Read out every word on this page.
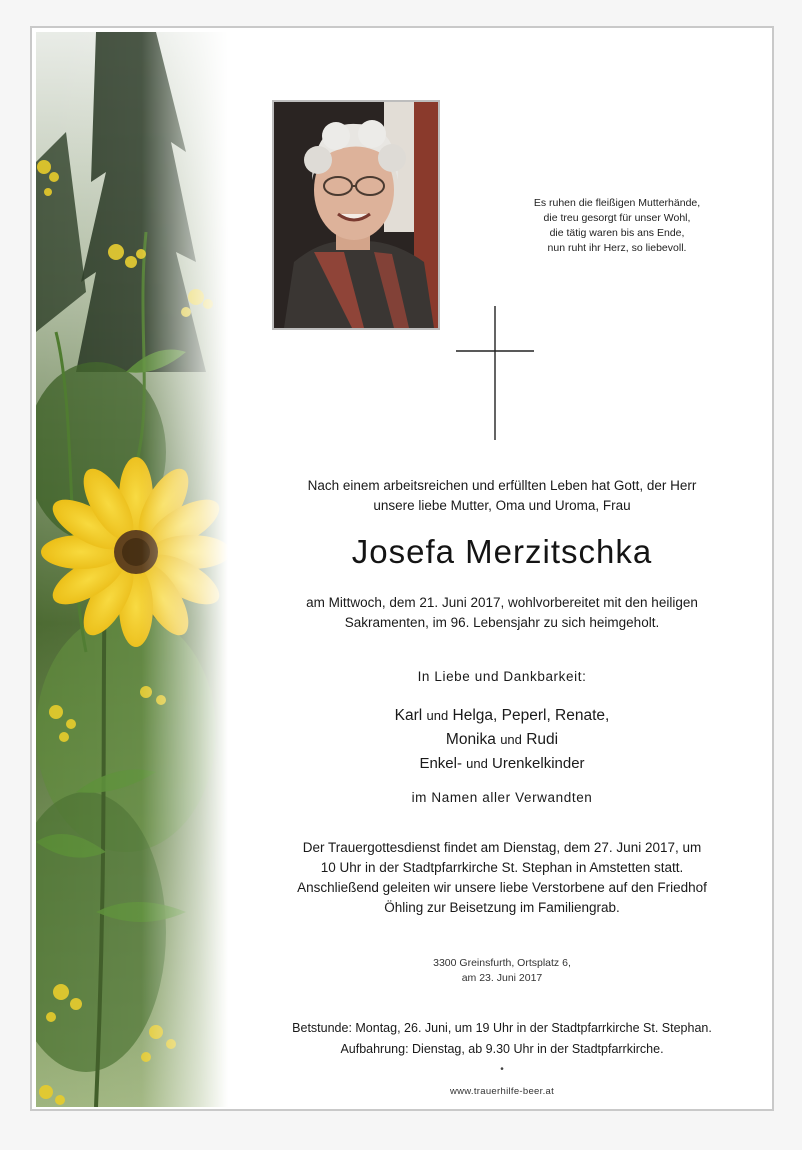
Es ruhen die fleißigen Mutterhände,
die treu gesorgt für unser Wohl,
die tätig waren bis ans Ende,
nun ruht ihr Herz, so liebevoll.
Nach einem arbeitsreichen und erfüllten Leben hat Gott, der Herr
unsere liebe Mutter, Oma und Uroma, Frau
Josefa Merzitschka
am Mittwoch, dem 21. Juni 2017, wohlvorbereitet mit den heiligen
Sakramenten, im 96. Lebensjahr zu sich heimgeholt.
In Liebe und Dankbarkeit:
Karl und Helga, Peperl, Renate,
Monika und Rudi
Enkel- und Urenkelkinder
im Namen aller Verwandten
Der Trauergottesdienst findet am Dienstag, dem 27. Juni 2017, um
10 Uhr in der Stadtpfarrkirche St. Stephan in Amstetten statt.
Anschließend geleiten wir unsere liebe Verstorbene auf den Friedhof
Öhling zur Beisetzung im Familiengrab.
3300 Greinsfurth, Ortsplatz 6,
am 23. Juni 2017
Betstunde: Montag, 26. Juni, um 19 Uhr in der Stadtpfarrkirche St. Stephan.
Aufbahrung: Dienstag, ab 9.30 Uhr in der Stadtpfarrkirche.
•
www.trauerhilfe-beer.at
